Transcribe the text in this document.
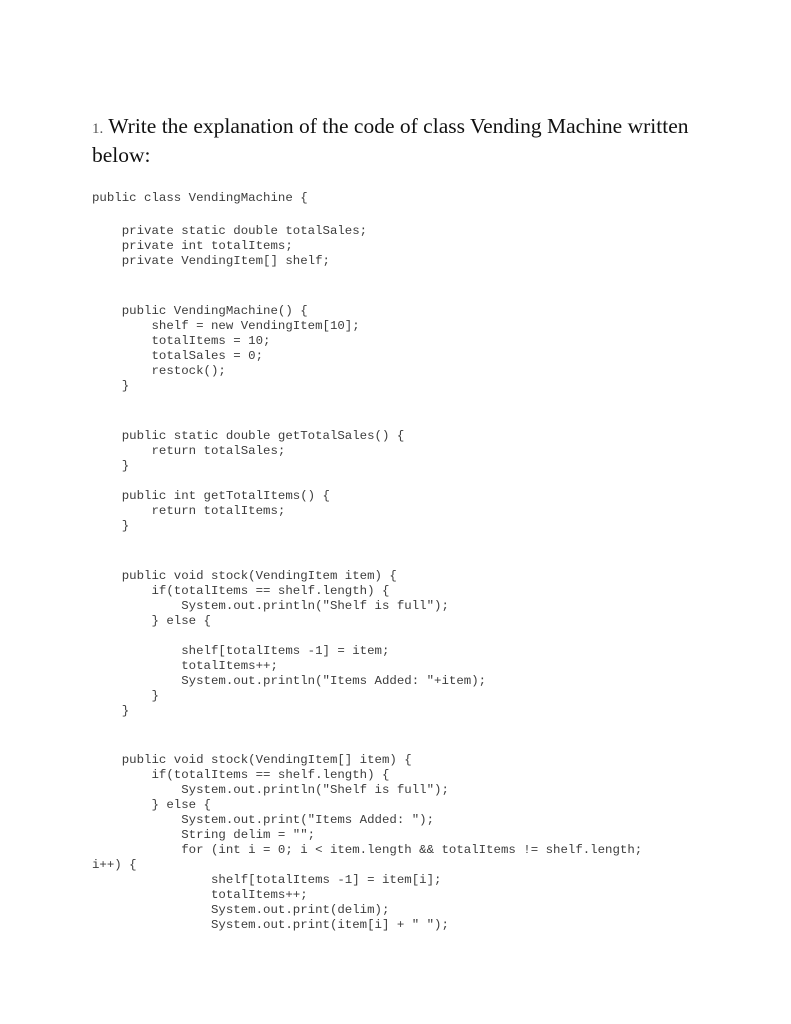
1. Write the explanation of the code of class Vending Machine written below:
public class VendingMachine {
private static double totalSales;
private int totalItems;
private VendingItem[] shelf;
public VendingMachine() {
shelf = new VendingItem[10];
totalItems = 10;
totalSales = 0;
restock();
}
public static double getTotalSales() {
return totalSales;
}
public int getTotalItems() {
return totalItems;
}
public void stock(VendingItem item) {
if(totalItems == shelf.length) {
System.out.println("Shelf is full");
} else {
shelf[totalItems -1] = item;
totalItems++;
System.out.println("Items Added: "+item);
}
}
public void stock(VendingItem[] item) {
if(totalItems == shelf.length) {
System.out.println("Shelf is full");
} else {
System.out.print("Items Added: ");
String delim = "";
for (int i = 0; i < item.length && totalItems != shelf.length;
i++) {
shelf[totalItems -1] = item[i];
totalItems++;
System.out.print(delim);
System.out.print(item[i] + " ");
